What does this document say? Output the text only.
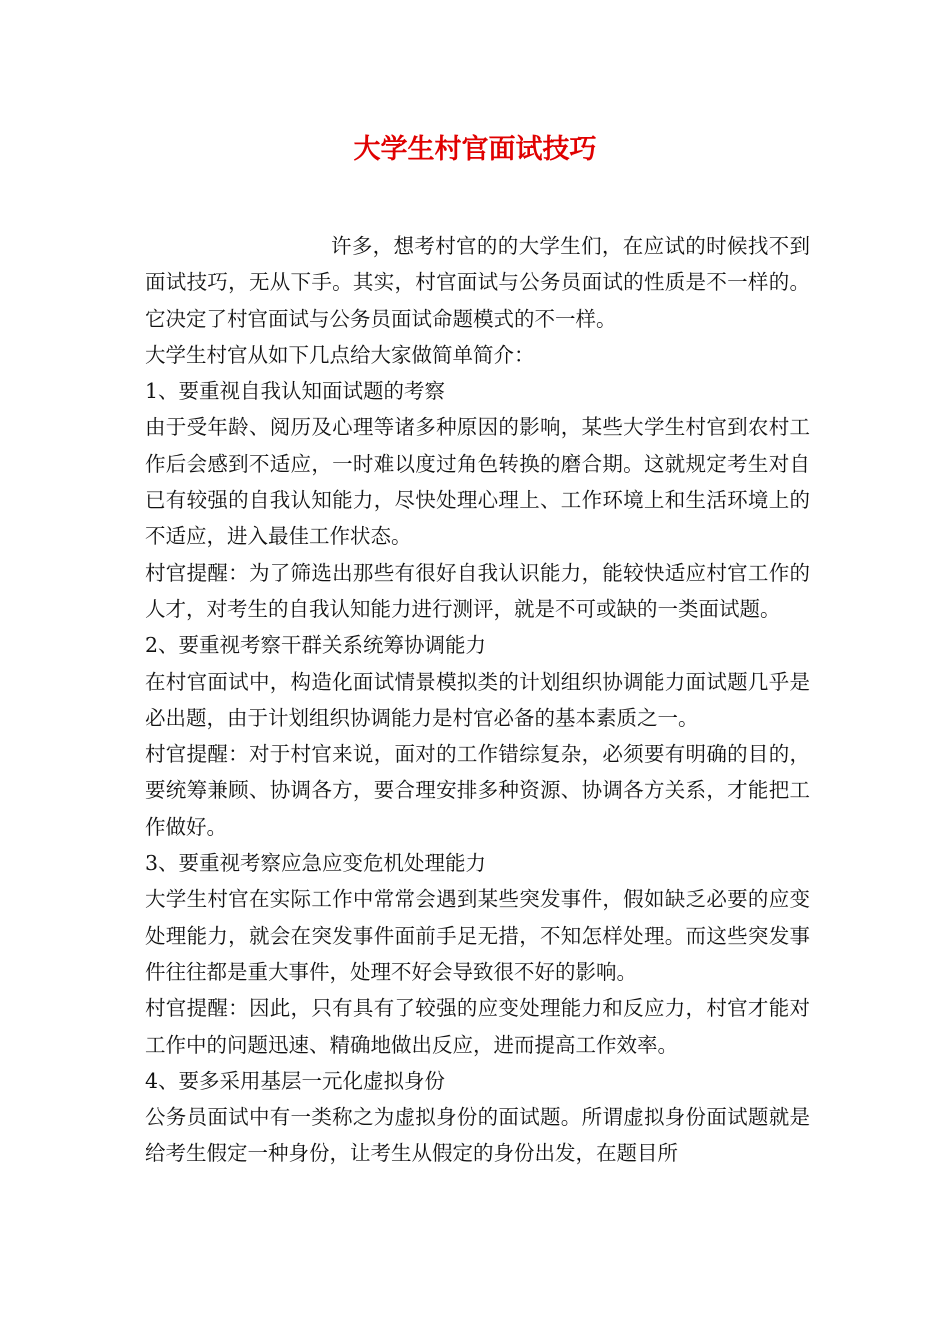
大学生村官面试技巧

许多，想考村官的的大学生们，在应试的时候找不到面试技巧，无从下手。其实，村官面试与公务员面试的性质是不一样的。它决定了村官面试与公务员面试命题模式的不一样。

大学生村官从如下几点给大家做简单简介：

1、要重视自我认知面试题的考察

由于受年龄、阅历及心理等诸多种原因的影响，某些大学生村官到农村工作后会感到不适应，一时难以度过角色转换的磨合期。这就规定考生对自已有较强的自我认知能力，尽快处理心理上、工作环境上和生活环境上的不适应，进入最佳工作状态。

村官提醒：为了筛选出那些有很好自我认识能力，能较快适应村官工作的人才，对考生的自我认知能力进行测评，就是不可或缺的一类面试题。

2、要重视考察干群关系统筹协调能力

在村官面试中，构造化面试情景模拟类的计划组织协调能力面试题几乎是必出题，由于计划组织协调能力是村官必备的基本素质之一。

村官提醒：对于村官来说，面对的工作错综复杂，必须要有明确的目的，要统筹兼顾、协调各方，要合理安排多种资源、协调各方关系，才能把工作做好。

3、要重视考察应急应变危机处理能力

大学生村官在实际工作中常常会遇到某些突发事件，假如缺乏必要的应变处理能力，就会在突发事件面前手足无措，不知怎样处理。而这些突发事件往往都是重大事件，处理不好会导致很不好的影响。

村官提醒：因此，只有具有了较强的应变处理能力和反应力，村官才能对工作中的问题迅速、精确地做出反应，进而提高工作效率。

4、要多采用基层一元化虚拟身份

公务员面试中有一类称之为虚拟身份的面试题。所谓虚拟身份面试题就是给考生假定一种身份，让考生从假定的身份出发，在题目所
